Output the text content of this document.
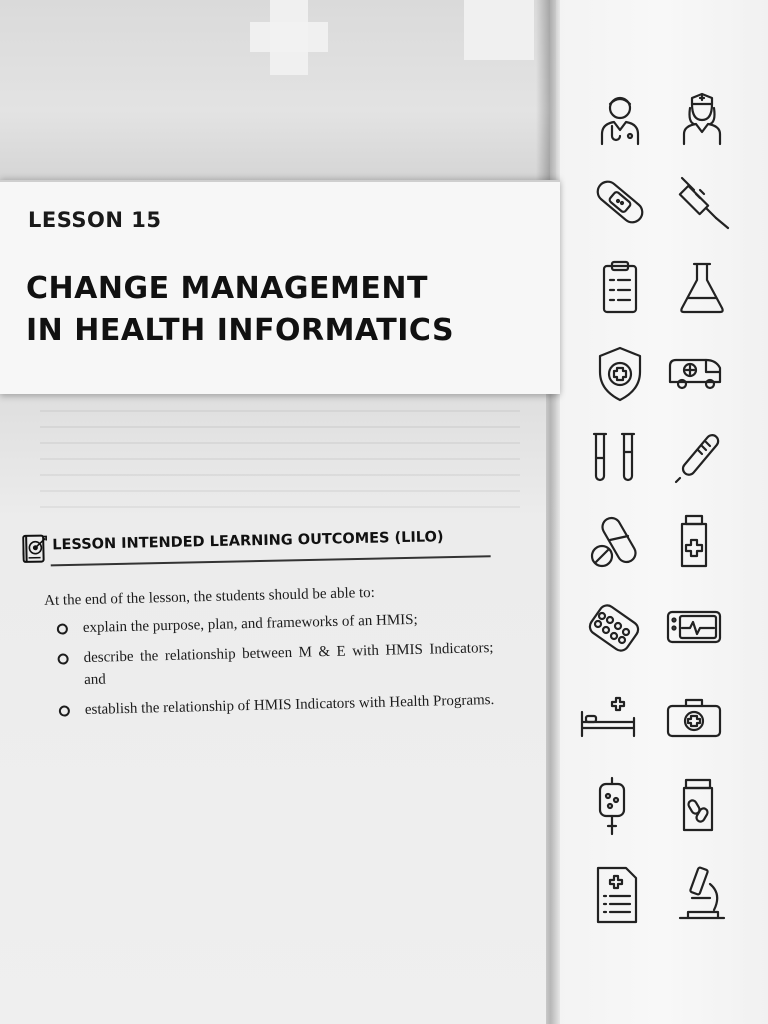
LESSON 15
CHANGE MANAGEMENT
IN HEALTH INFORMATICS
LESSON INTENDED LEARNING OUTCOMES (LILO)

At the end of the lesson, the students should be able to:

explain the purpose, plan, and frameworks of an HMIS;
describe the relationship between M & E with HMIS Indicators; and
establish the relationship of HMIS Indicators with Health Programs.
